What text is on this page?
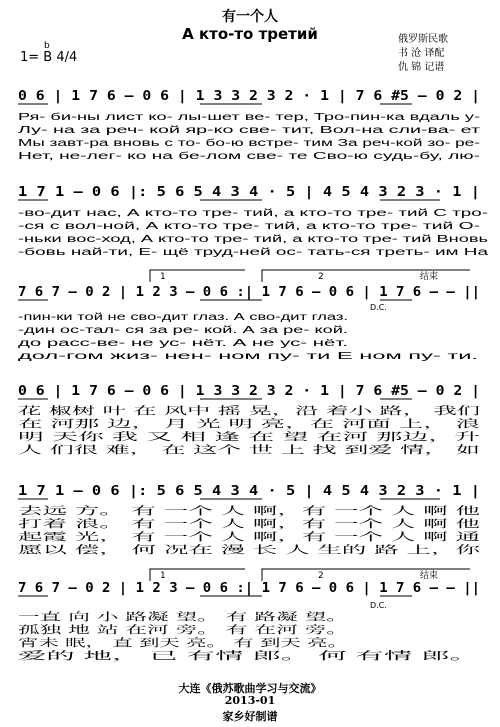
有一个人
А кто-то третий	俄罗斯民歌
书 沧 译配
仇 锦 记谱
b
1= B 4/4
0 6 | 1 7 6 – 0 6 | 1 3 3 2 3 2 · 1 | 7 6 #5 – 0 2 |
1 7 1 – 0 6 |: 5 6 5 4 3 4 · 5 | 4 5 4 3 2 3 · 1 |
7 6 7 – 0 2 | 1 2 3 – 0 6 :| 1 7 6 – 0 6 | 1 7 6 – – ||
0 6 | 1 7 6 – 0 6 | 1 3 3 2 3 2 · 1 | 7 6 #5 – 0 2 |
1 7 1 – 0 6 |: 5 6 5 4 3 4 · 5 | 4 5 4 3 2 3 · 1 |
7 6 7 – 0 2 | 1 2 3 – 0 6 :| 1 7 6 – 0 6 | 1 7 6 – – ||
1	2	结束
D.C.
1	2	结束
D.C.
Ря- би-ны лист ко- лы-шет ве- тер, Тро-пин-ка вдаль у-
Лу- на за реч- кой яр-ко све- тит, Вол-на сли-ва- ет
Мы завт-ра вновь с то- бо-ю встре- тим За реч-кой зо- ре-
Нет, не-лег- ко на бе-лом све- те Сво-ю судь-бу, лю-
-во-дит нас, А кто-то тре- тий, а кто-то тре- тий С тро-
-ся с вол-ной, А кто-то тре- тий, а кто-то тре- тий О-
-ньки вос-ход, А кто-то тре- тий, а кто-то тре- тий Вновь
-бовь най-ти, Е- щё труд-ней ос- тать-ся треть- им На
-пин-ки той не сво-дит глаз. А сво-дит глаз.
-дин ос-тал- ся за ре- кой. А за ре- кой.
до расс-ве- не ус- нёт. А не ус- нёт.
дол-гом жиз- нен- ном пу- ти Е ном пу- ти.
花 椒树 叶 在 风中 摇 晃，沿 着小 路， 我们
在 河那 边， 月 光 明 亮，在 河面 上， 浪
明 天你 我 又 相 逢 在 望 在河 那边，升
人 们很 难， 在 这个 世 上 找 到爱 情， 如
去远 方。 有 一个 人 啊，有 一个 人 啊 他
打着 浪。 有 一个 人 啊，有 一个 人 啊 他
起霞 光， 有 一个 人 啊，有 一个 人 啊 通
愿以 偿， 何 况在 漫 长 人 生的 路 上，你
一直 向 小 路凝 望。 有 路凝 望。
孤独 地 站 在河 旁。 有 在河 旁。
宵未 眠， 直 到天 亮。 有 到天 亮。
爱的 地， 已 有情 郎。 何 有情 郎。
大连《俄苏歌曲学习与交流》
2013-01
家乡好制谱
